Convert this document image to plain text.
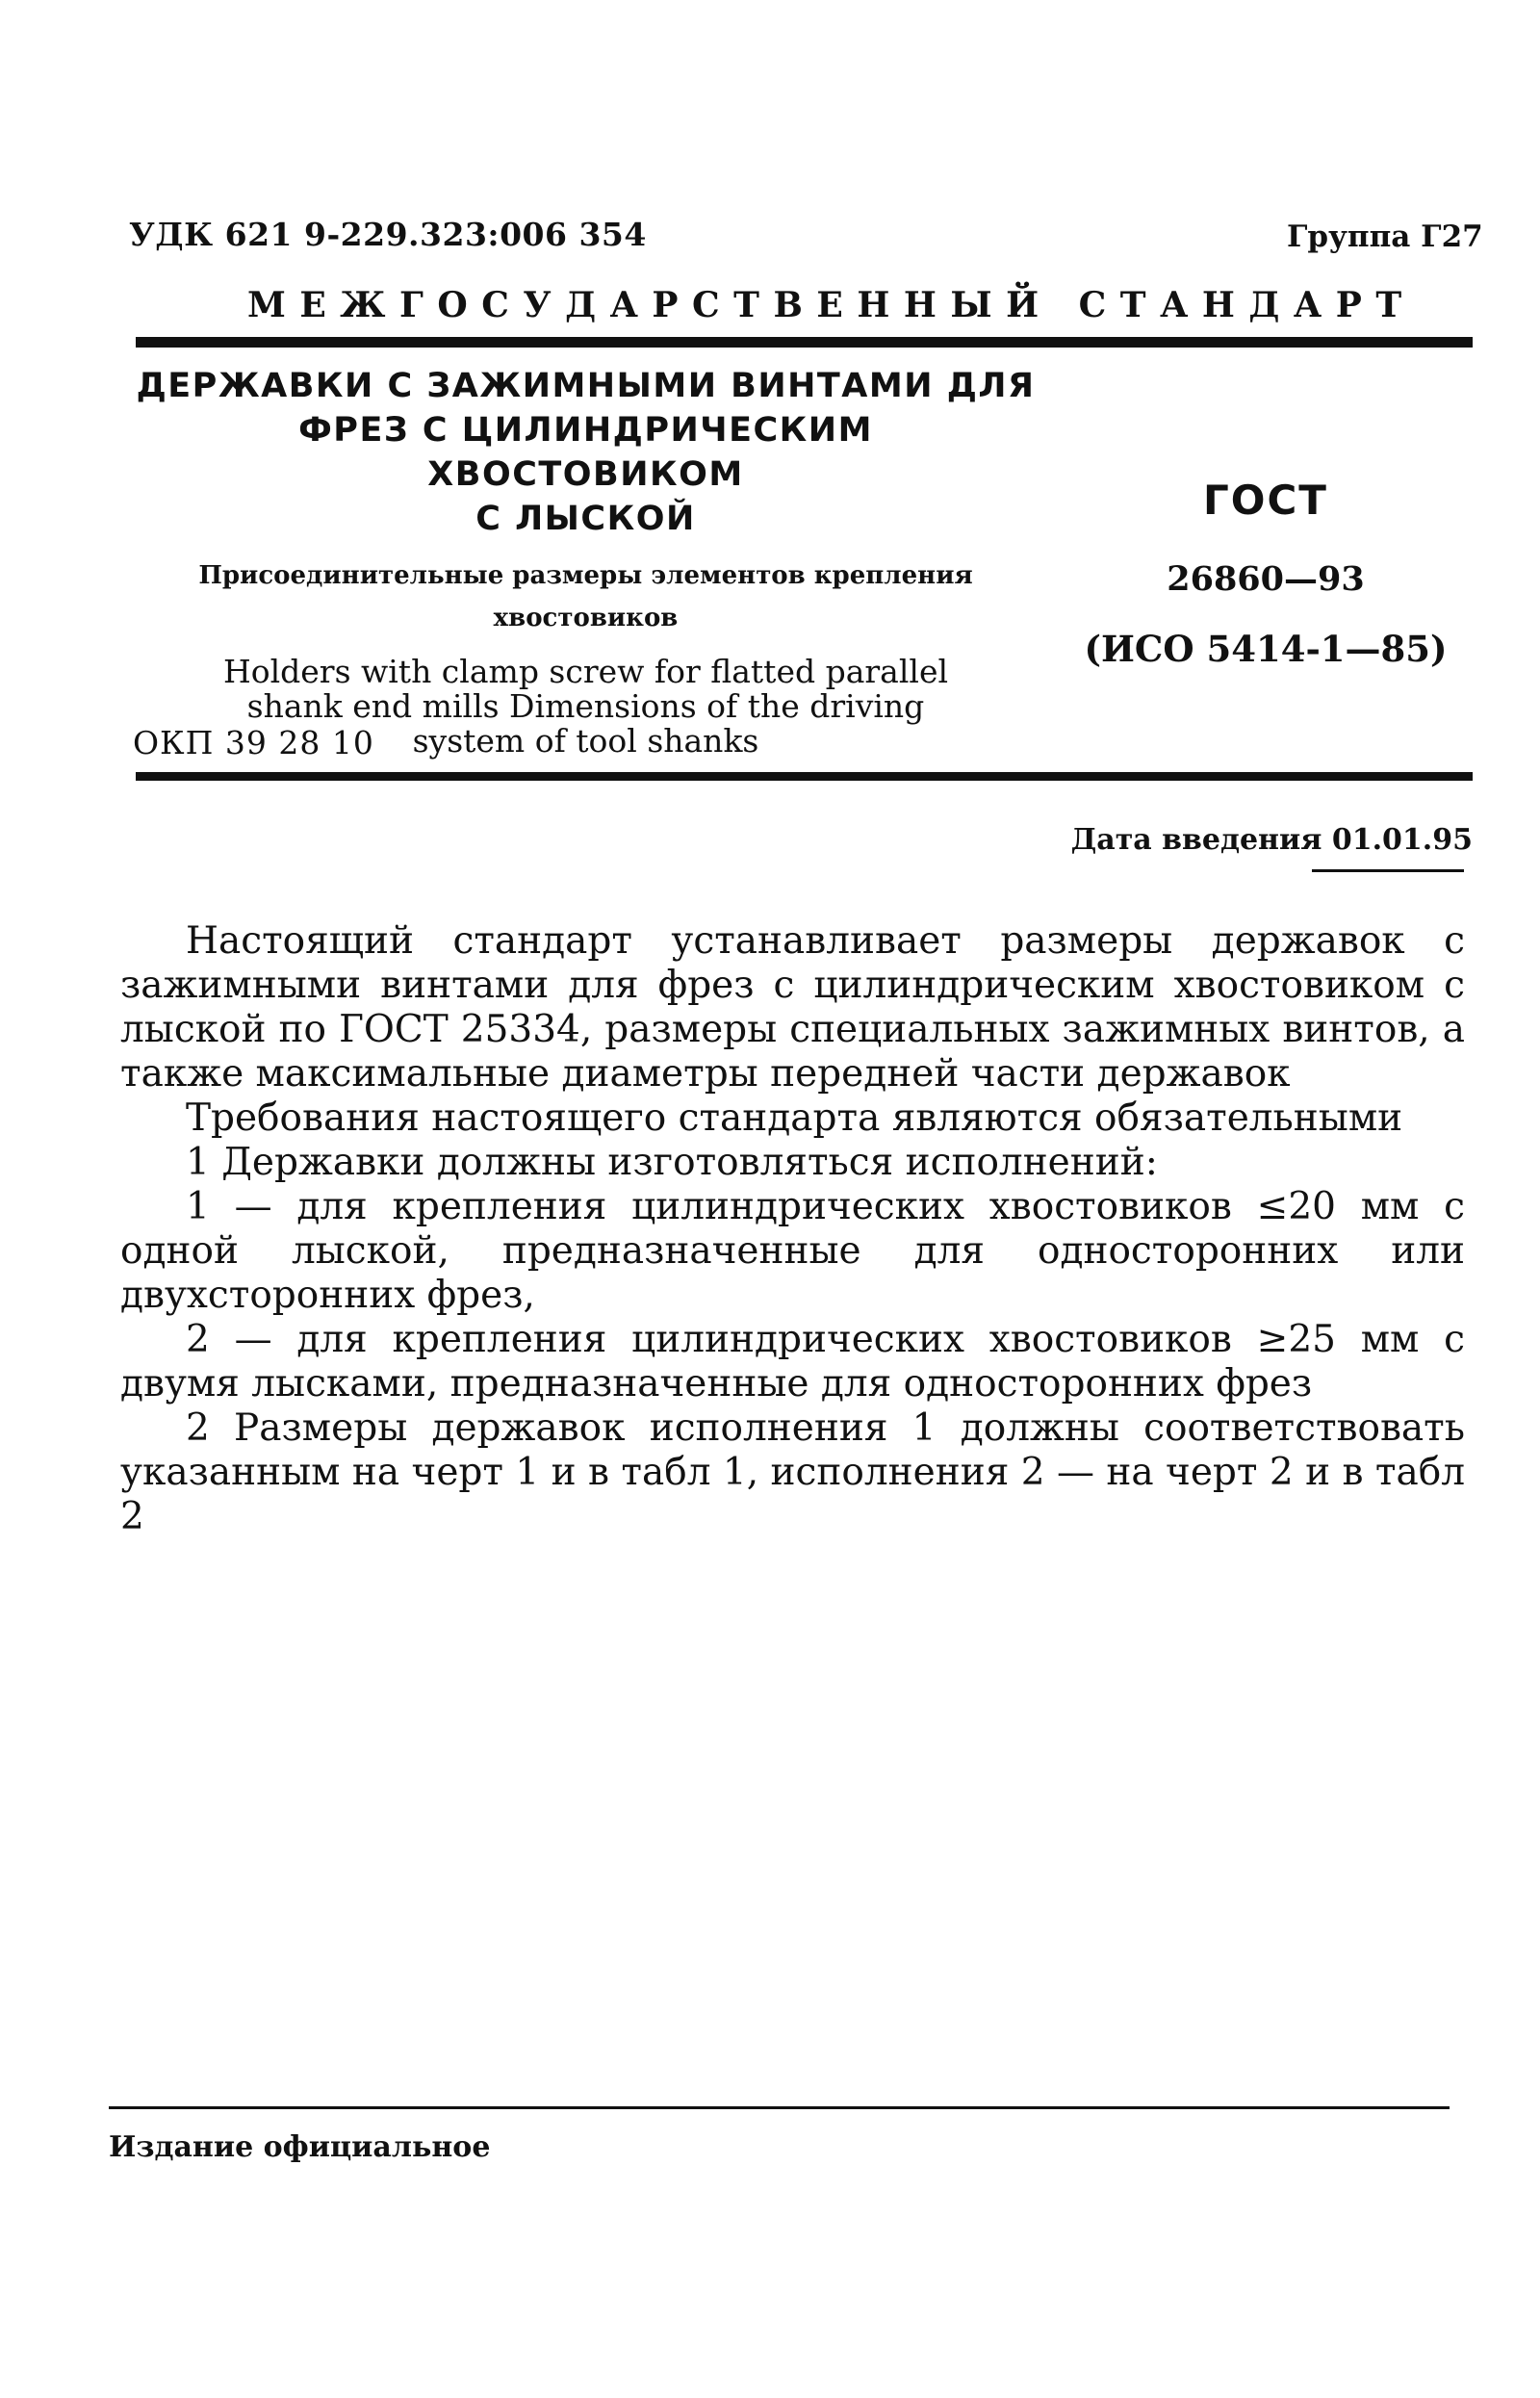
УДК 621 9-229.323:006 354	Группа Г27
МЕЖГОСУДАРСТВЕННЫЙ СТАНДАРТ
ДЕРЖАВКИ С ЗАЖИМНЫМИ ВИНТАМИ ДЛЯ
ФРЕЗ С ЦИЛИНДРИЧЕСКИМ ХВОСТОВИКОМ
С ЛЫСКОЙ
Присоединительные размеры элементов крепления
хвостовиков
Holders with clamp screw for flatted parallel
shank end mills Dimensions of the driving
system of tool shanks
ГОСТ
26860—93
(ИСО 5414-1—85)
ОКП 39 28 10
Дата введения 01.01.95

Настоящий стандарт устанавливает размеры державок с зажимными винтами для фрез с цилиндрическим хвостовиком с лыской по ГОСТ 25334, размеры специальных зажимных винтов, а также максимальные диаметры передней части державок

Требования настоящего стандарта являются обязательными

1 Державки должны изготовляться исполнений:

1 — для крепления цилиндрических хвостовиков ≤20 мм с одной лыской, предназначенные для односторонних или двухсторонних фрез,

2 — для крепления цилиндрических хвостовиков ≥25 мм с двумя лысками, предназначенные для односторонних фрез

2 Размеры державок исполнения 1 должны соответствовать указанным на черт 1 и в табл 1, исполнения 2 — на черт 2 и в табл 2

Издание официальное
